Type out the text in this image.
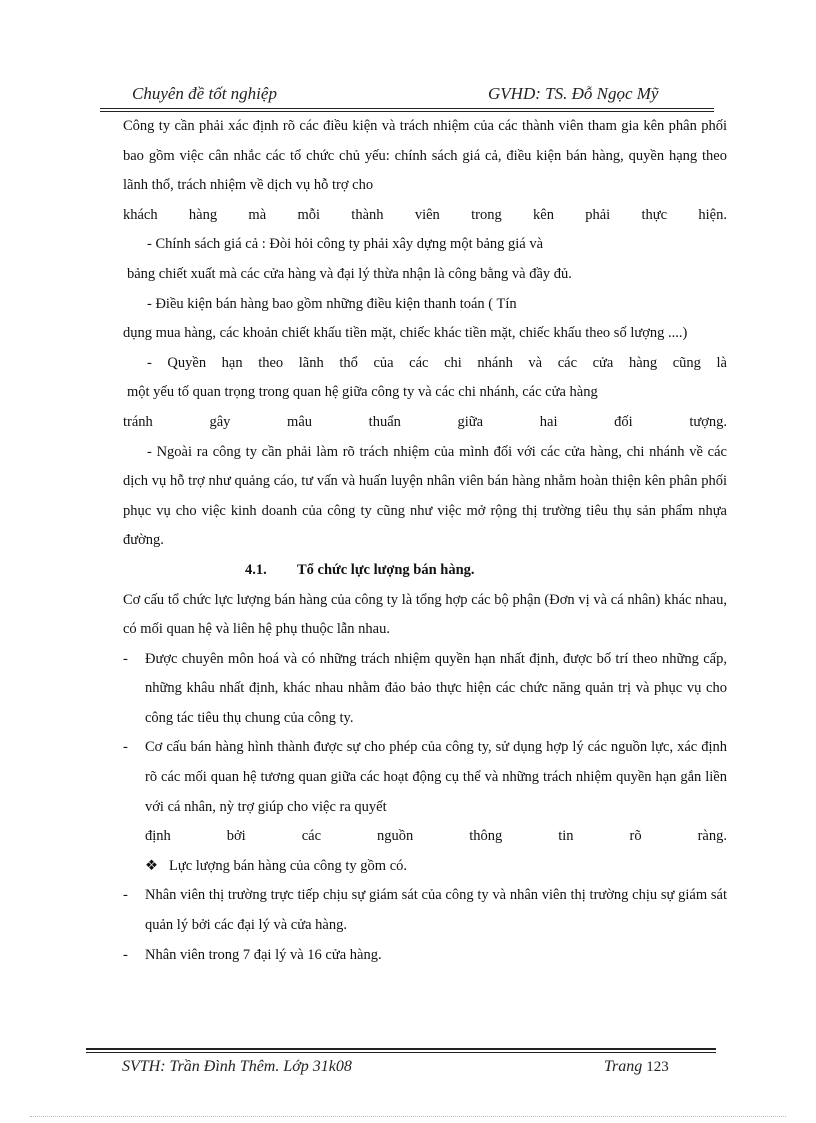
Chuyên đề tốt nghiệp	GVHD: TS. Đỗ Ngọc Mỹ

Công ty cần phải xác định rõ các điều kiện và trách nhiệm của các thành viên tham gia kên phân phối bao gồm việc cân nhắc các tổ chức chủ yếu: chính sách giá cả, điều kiện bán hàng, quyền hạng theo lãnh thổ, trách nhiệm về dịch vụ hỗ trợ cho

khách hàng mà mỗi thành viên trong kên phải thực hiện.

- Chính sách giá cả : Đòi hỏi công ty phải xây dựng một bảng giá và

bảng chiết xuất mà các cửa hàng và đại lý thừa nhận là công bằng và đầy đủ.

- Điều kiện bán hàng bao gồm những điều kiện thanh toán ( Tín

dụng mua hàng, các khoản chiết khấu tiền mặt, chiếc khác tiền mặt, chiếc khấu theo số lượng ....)

- Quyền hạn theo lãnh thổ của các chi nhánh và các cửa hàng cũng là

một yếu tố quan trọng trong quan hệ giữa công ty và các chi nhánh, các cửa hàng

tránh gây mâu thuẩn giữa hai đối tượng.

- Ngoài ra công ty cần phải làm rõ trách nhiệm của mình đối với các cửa hàng, chi nhánh về các dịch vụ hỗ trợ như quảng cáo, tư vấn và huấn luyện nhân viên bán hàng nhằm hoàn thiện kên phân phối phục vụ cho việc kinh doanh của công ty cũng như việc mở rộng thị trường tiêu thụ sản phẩm nhựa đường.

4.1. Tổ chức lực lượng bán hàng.

Cơ cấu tổ chức lực lượng bán hàng của công ty là tổng hợp các bộ phận (Đơn vị và cá nhân) khác nhau, có mối quan hệ và liên hệ phụ thuộc lẫn nhau.

- Được chuyên môn hoá và có những trách nhiệm quyền hạn nhất định, được bố trí theo những cấp, những khâu nhất định, khác nhau nhằm đảo bảo thực hiện các chức năng quản trị và phục vụ cho công tác tiêu thụ chung của công ty.
- Cơ cấu bán hàng hình thành được sự cho phép của công ty, sử dụng hợp lý các nguồn lực, xác định rõ các mối quan hệ tương quan giữa các hoạt động cụ thể và những trách nhiệm quyền hạn gắn liền với cá nhân, nỳ trợ giúp cho việc ra quyết
định bởi các nguồn thông tin rõ ràng.

❖ Lực lượng bán hàng của công ty gồm có.

- Nhân viên thị trường trực tiếp chịu sự giám sát của công ty và nhân viên thị trường chịu sự giám sát quản lý bởi các đại lý và cửa hàng.
- Nhân viên trong 7 đại lý và 16 cửa hàng.
SVTH: Trần Đình Thêm. Lớp 31k08	Trang 123
